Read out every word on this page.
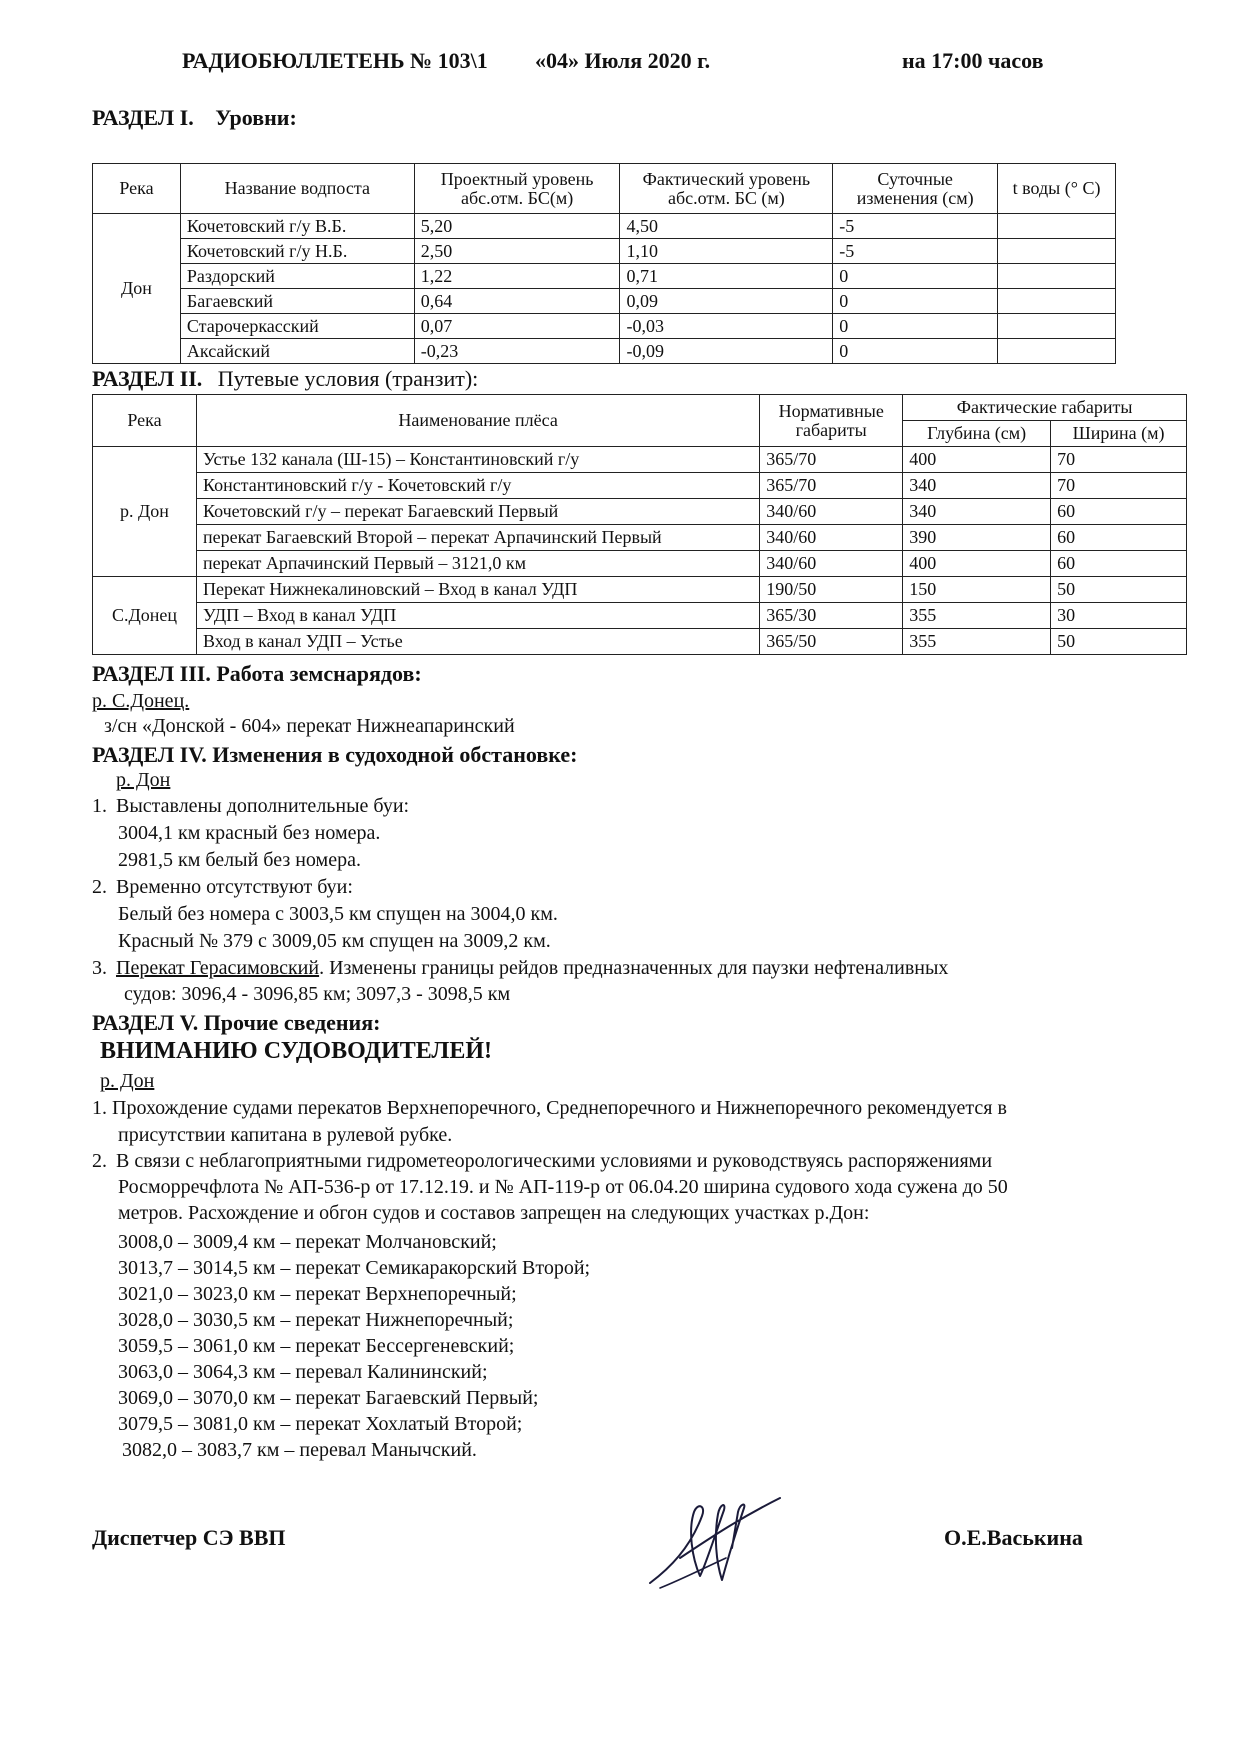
РАДИОБЮЛЛЕТЕНЬ № 103\1 «04» Июля 2020 г.	на 17:00 часов
РАЗДЕЛ I. Уровни:
Река	Название водпоста	Проектный уровень абс.отм. БС(м)	Фактический уровень абс.отм. БС (м)	Суточные изменения (см)	t воды (° С)
Дон	Кочетовский г/у В.Б.	5,20	4,50	-5	
	Кочетовский г/у Н.Б.	2,50	1,10	-5	
	Раздорский	1,22	0,71	0	
	Багаевский	0,64	0,09	0	
	Старочеркасский	0,07	-0,03	0	
	Аксайский	-0,23	-0,09	0	
РАЗДЕЛ II. Путевые условия (транзит):
Река	Наименование плёса	Нормативные габариты	Фактические габариты	
			Глубина (см)	Ширина (м)
р. Дон	Устье 132 канала (Ш-15) – Константиновский г/у	365/70	400	70
	Константиновский г/у - Кочетовский г/у	365/70	340	70
	Кочетовский г/у – перекат Багаевский Первый	340/60	340	60
	перекат Багаевский Второй – перекат Арпачинский Первый	340/60	390	60
	перекат Арпачинский Первый – 3121,0 км	340/60	400	60
С.Донец	Перекат Нижнекалиновский – Вход в канал УДП	190/50	150	50
	УДП – Вход в канал УДП	365/30	355	30
	Вход в канал УДП – Устье	365/50	355	50
РАЗДЕЛ III. Работа земснарядов:
р. С.Донец.
з/сн «Донской - 604» перекат Нижнеапаринский
РАЗДЕЛ IV. Изменения в судоходной обстановке:
р. Дон
1. Выставлены дополнительные буи:
3004,1 км красный без номера.
2981,5 км белый без номера.
2. Временно отсутствуют буи:
Белый без номера с 3003,5 км спущен на 3004,0 км.
Красный № 379 с 3009,05 км спущен на 3009,2 км.
3. Перекат Герасимовский. Изменены границы рейдов предназначенных для паузки нефтеналивных
судов: 3096,4 - 3096,85 км; 3097,3 - 3098,5 км
РАЗДЕЛ V. Прочие сведения:
ВНИМАНИЮ СУДОВОДИТЕЛЕЙ!
р. Дон
1. Прохождение судами перекатов Верхнепоречного, Среднепоречного и Нижнепоречного рекомендуется в
присутствии капитана в рулевой рубке.
2. В связи с неблагоприятными гидрометеорологическими условиями и руководствуясь распоряжениями
Росморречфлота № АП-536-р от 17.12.19. и № АП-119-р от 06.04.20 ширина судового хода сужена до 50
метров. Расхождение и обгон судов и составов запрещен на следующих участках р.Дон:
3008,0 – 3009,4 км – перекат Молчановский;
3013,7 – 3014,5 км – перекат Семикаракорский Второй;
3021,0 – 3023,0 км – перекат Верхнепоречный;
3028,0 – 3030,5 км – перекат Нижнепоречный;
3059,5 – 3061,0 км – перекат Бессергеневский;
3063,0 – 3064,3 км – перевал Калининский;
3069,0 – 3070,0 км – перекат Багаевский Первый;
3079,5 – 3081,0 км – перекат Хохлатый Второй;
3082,0 – 3083,7 км – перевал Манычский.
Диспетчер СЭ ВВП	О.Е.Васькина
